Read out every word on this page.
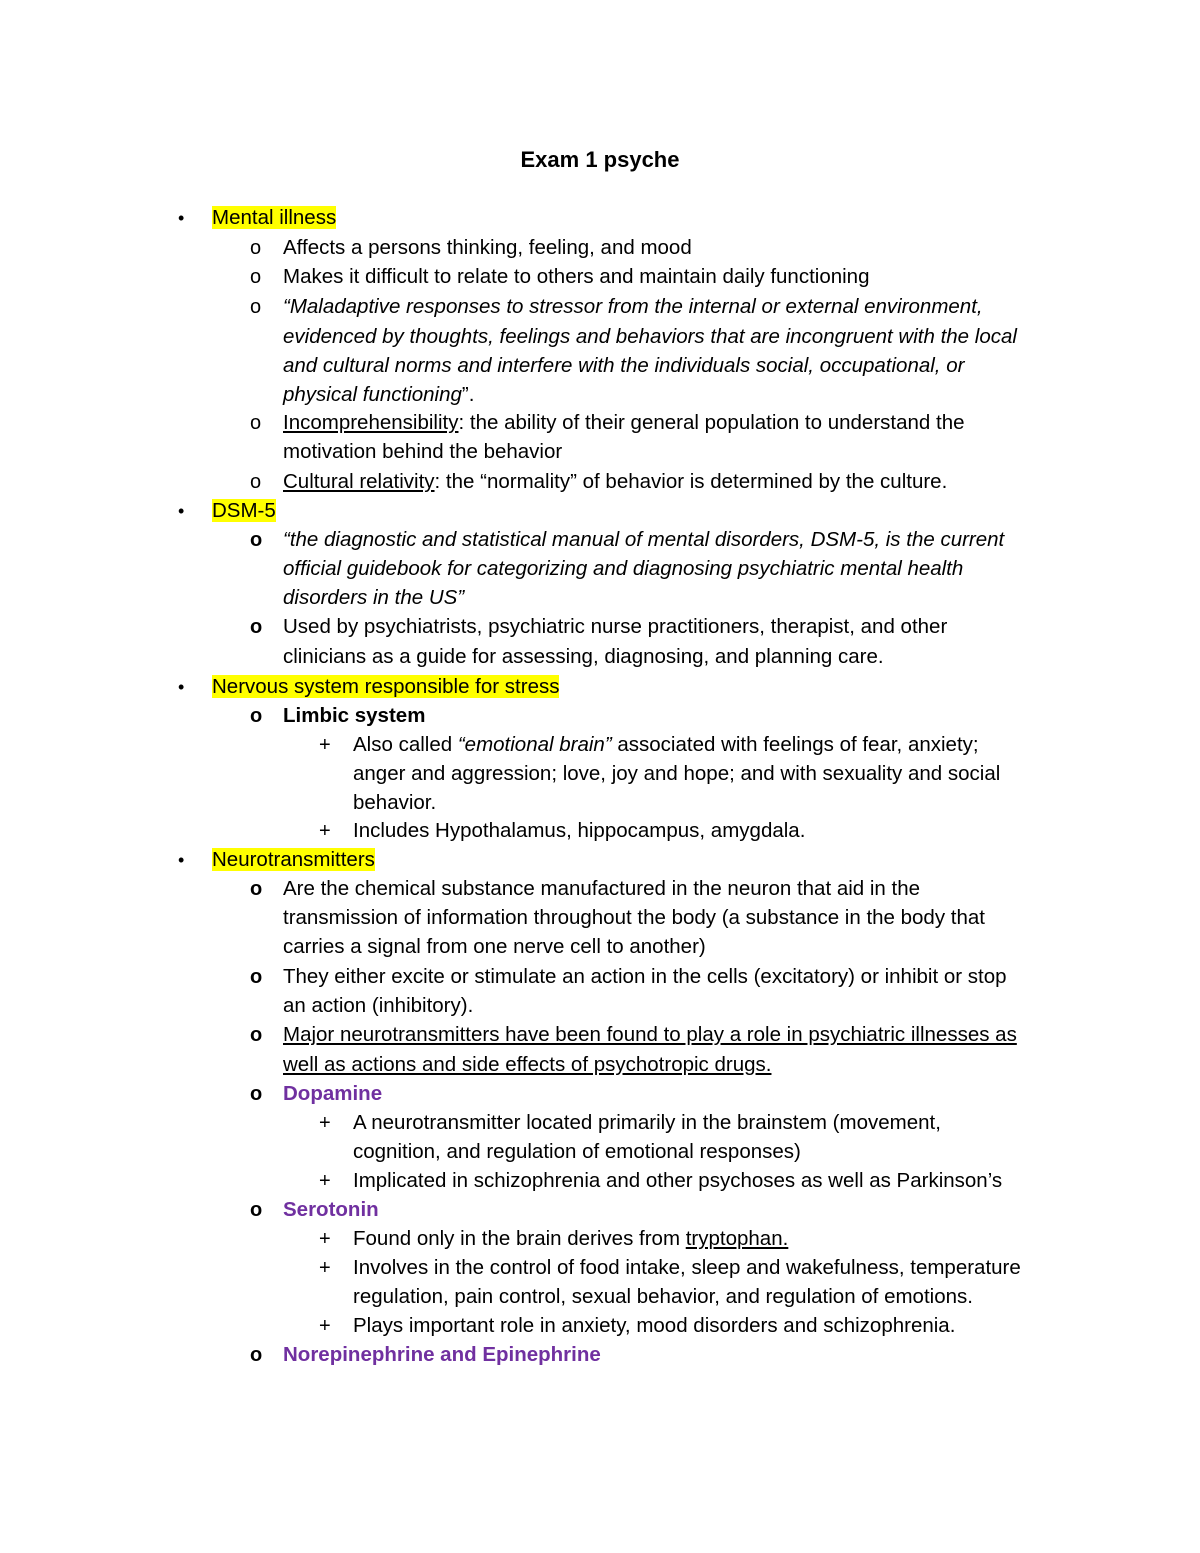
Exam 1 psyche
• Mental illness
o Affects a persons thinking, feeling, and mood
o Makes it difficult to relate to others and maintain daily functioning
o “Maladaptive responses to stressor from the internal or external environment,
evidenced by thoughts, feelings and behaviors that are incongruent with the local
and cultural norms and interfere with the individuals social, occupational, or
physical functioning”.
o Incomprehensibility: the ability of their general population to understand the
motivation behind the behavior
o Cultural relativity: the “normality” of behavior is determined by the culture.
• DSM-5
o “the diagnostic and statistical manual of mental disorders, DSM-5, is the current
official guidebook for categorizing and diagnosing psychiatric mental health
disorders in the US”
o Used by psychiatrists, psychiatric nurse practitioners, therapist, and other
clinicians as a guide for assessing, diagnosing, and planning care.
• Nervous system responsible for stress
o Limbic system
+ Also called “emotional brain” associated with feelings of fear, anxiety;
anger and aggression; love, joy and hope; and with sexuality and social
behavior.
+ Includes Hypothalamus, hippocampus, amygdala.
• Neurotransmitters
o Are the chemical substance manufactured in the neuron that aid in the
transmission of information throughout the body (a substance in the body that
carries a signal from one nerve cell to another)
o They either excite or stimulate an action in the cells (excitatory) or inhibit or stop
an action (inhibitory).
o Major neurotransmitters have been found to play a role in psychiatric illnesses as
well as actions and side effects of psychotropic drugs.
o Dopamine
+ A neurotransmitter located primarily in the brainstem (movement,
cognition, and regulation of emotional responses)
+ Implicated in schizophrenia and other psychoses as well as Parkinson’s
o Serotonin
+ Found only in the brain derives from tryptophan.
+ Involves in the control of food intake, sleep and wakefulness, temperature
regulation, pain control, sexual behavior, and regulation of emotions.
+ Plays important role in anxiety, mood disorders and schizophrenia.
o Norepinephrine and Epinephrine
